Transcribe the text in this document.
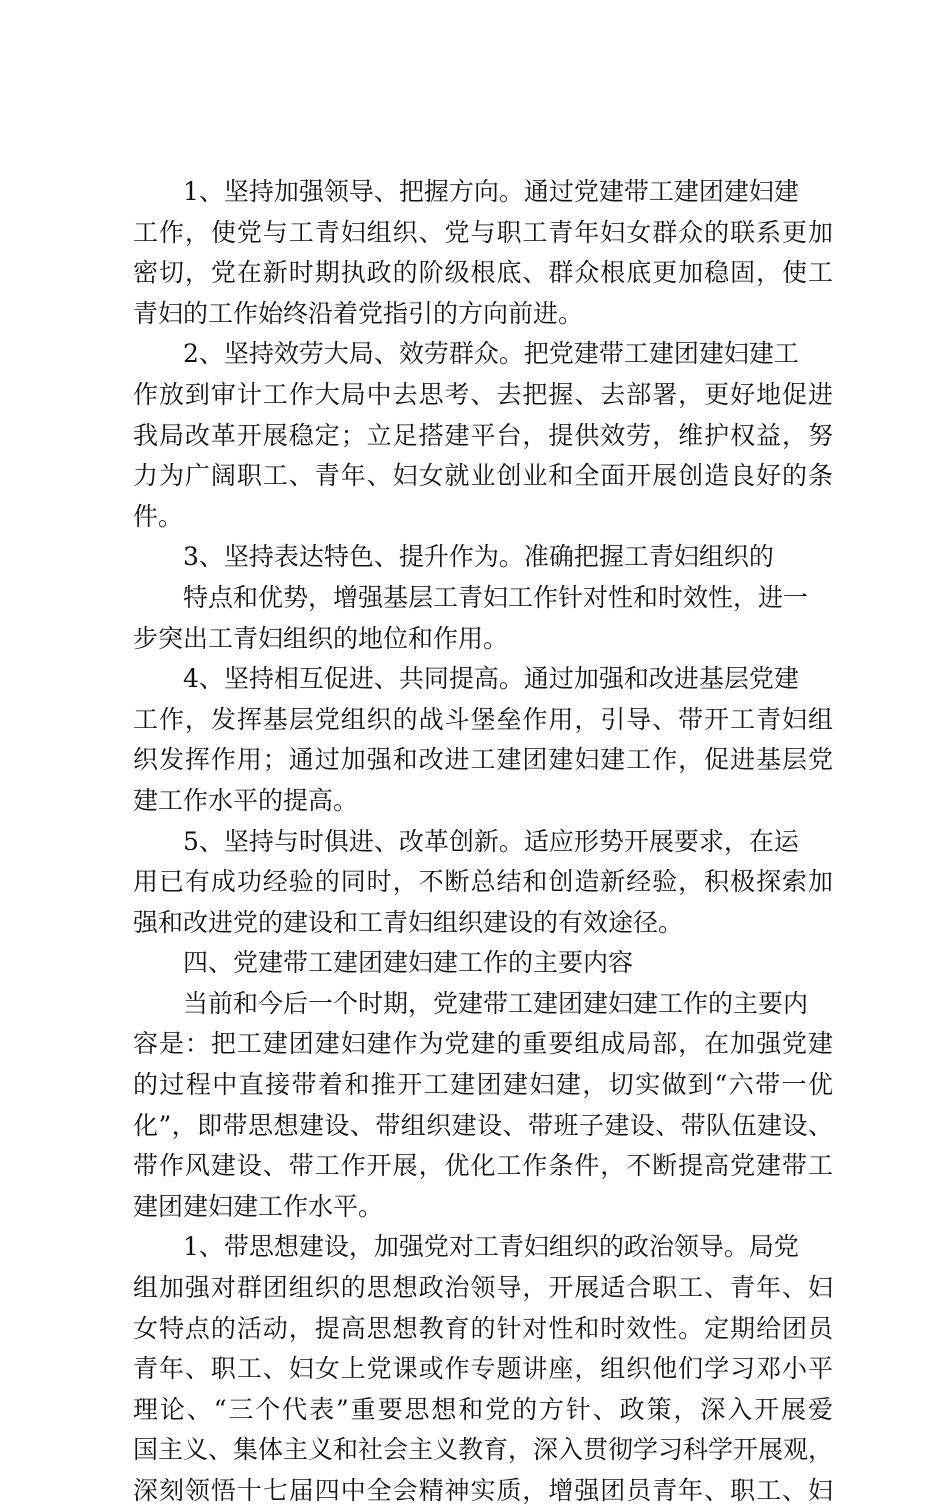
1、坚持加强领导、把握方向。通过党建带工建团建妇建
工作，使党与工青妇组织、党与职工青年妇女群众的联系更加
密切，党在新时期执政的阶级根底、群众根底更加稳固，使工
青妇的工作始终沿着党指引的方向前进。
2、坚持效劳大局、效劳群众。把党建带工建团建妇建工
作放到审计工作大局中去思考、去把握、去部署，更好地促进
我局改革开展稳定；立足搭建平台，提供效劳，维护权益，努
力为广阔职工、青年、妇女就业创业和全面开展创造良好的条
件。
3、坚持表达特色、提升作为。准确把握工青妇组织的
特点和优势，增强基层工青妇工作针对性和时效性，进一
步突出工青妇组织的地位和作用。
4、坚持相互促进、共同提高。通过加强和改进基层党建
工作，发挥基层党组织的战斗堡垒作用，引导、带开工青妇组
织发挥作用；通过加强和改进工建团建妇建工作，促进基层党
建工作水平的提高。
5、坚持与时俱进、改革创新。适应形势开展要求，在运
用已有成功经验的同时，不断总结和创造新经验，积极探索加
强和改进党的建设和工青妇组织建设的有效途径。
四、党建带工建团建妇建工作的主要内容
当前和今后一个时期，党建带工建团建妇建工作的主要内
容是：把工建团建妇建作为党建的重要组成局部，在加强党建
的过程中直接带着和推开工建团建妇建，切实做到“六带一优
化”，即带思想建设、带组织建设、带班子建设、带队伍建设、
带作风建设、带工作开展，优化工作条件，不断提高党建带工
建团建妇建工作水平。
1、带思想建设，加强党对工青妇组织的政治领导。局党
组加强对群团组织的思想政治领导，开展适合职工、青年、妇
女特点的活动，提高思想教育的针对性和时效性。定期给团员
青年、职工、妇女上党课或作专题讲座，组织他们学习邓小平
理论、“三个代表”重要思想和党的方针、政策，深入开展爱
国主义、集体主义和社会主义教育，深入贯彻学习科学开展观，
深刻领悟十七届四中全会精神实质，增强团员青年、职工、妇
